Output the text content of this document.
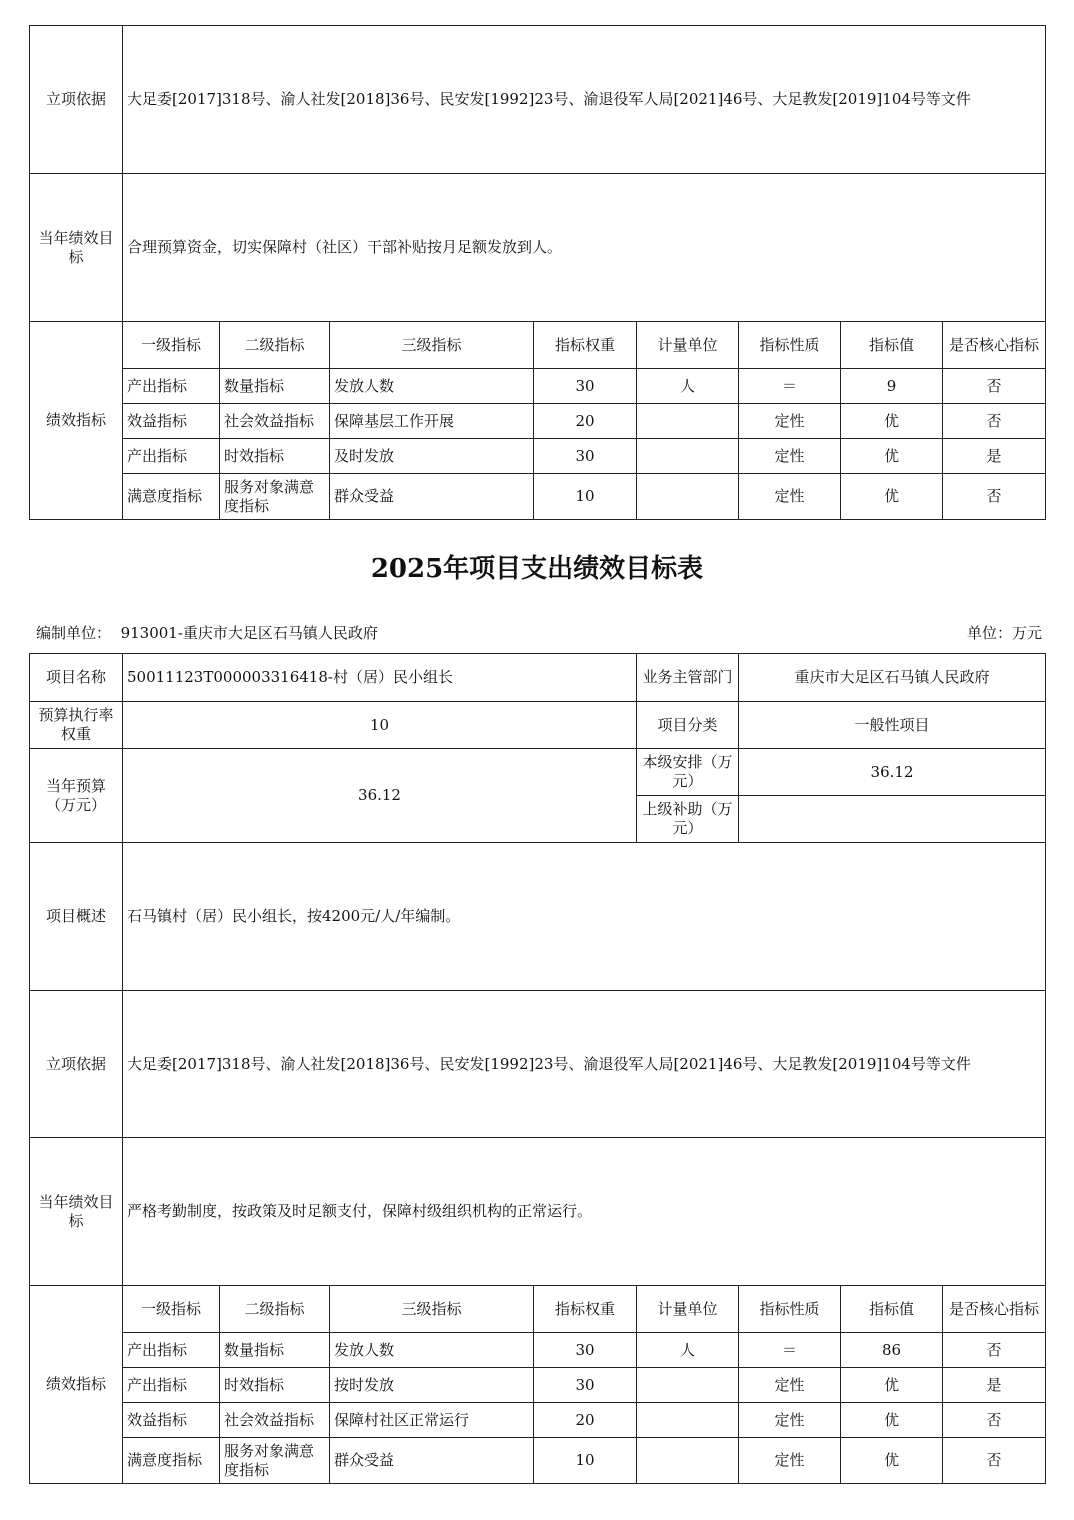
立项依据	大足委[2017]318号、渝人社发[2018]36号、民安发[1992]23号、渝退役军人局[2021]46号、大足教发[2019]104号等文件							
当年绩效目标	合理预算资金，切实保障村（社区）干部补贴按月足额发放到人。							
绩效指标	一级指标	二级指标	三级指标	指标权重	计量单位	指标性质	指标值	是否核心指标
	产出指标	数量指标	发放人数	30	人	＝	9	否
	效益指标	社会效益指标	保障基层工作开展	20		定性	优	否
	产出指标	时效指标	及时发放	30		定性	优	是
	满意度指标	服务对象满意度指标	群众受益	10		定性	优	否
2025年项目支出绩效目标表
编制单位： 913001-重庆市大足区石马镇人民政府	单位：万元
项目名称	50011123T000003316418-村（居）民小组长				业务主管部门	重庆市大足区石马镇人民政府		
预算执行率权重	10				项目分类	一般性项目		
当年预算（万元）	36.12				本级安排（万元）	36.12		
					上级补助（万元）			
项目概述	石马镇村（居）民小组长，按4200元/人/年编制。							
立项依据	大足委[2017]318号、渝人社发[2018]36号、民安发[1992]23号、渝退役军人局[2021]46号、大足教发[2019]104号等文件							
当年绩效目标	严格考勤制度，按政策及时足额支付，保障村级组织机构的正常运行。							
绩效指标	一级指标	二级指标	三级指标	指标权重	计量单位	指标性质	指标值	是否核心指标
	产出指标	数量指标	发放人数	30	人	＝	86	否
	产出指标	时效指标	按时发放	30		定性	优	是
	效益指标	社会效益指标	保障村社区正常运行	20		定性	优	否
	满意度指标	服务对象满意度指标	群众受益	10		定性	优	否
